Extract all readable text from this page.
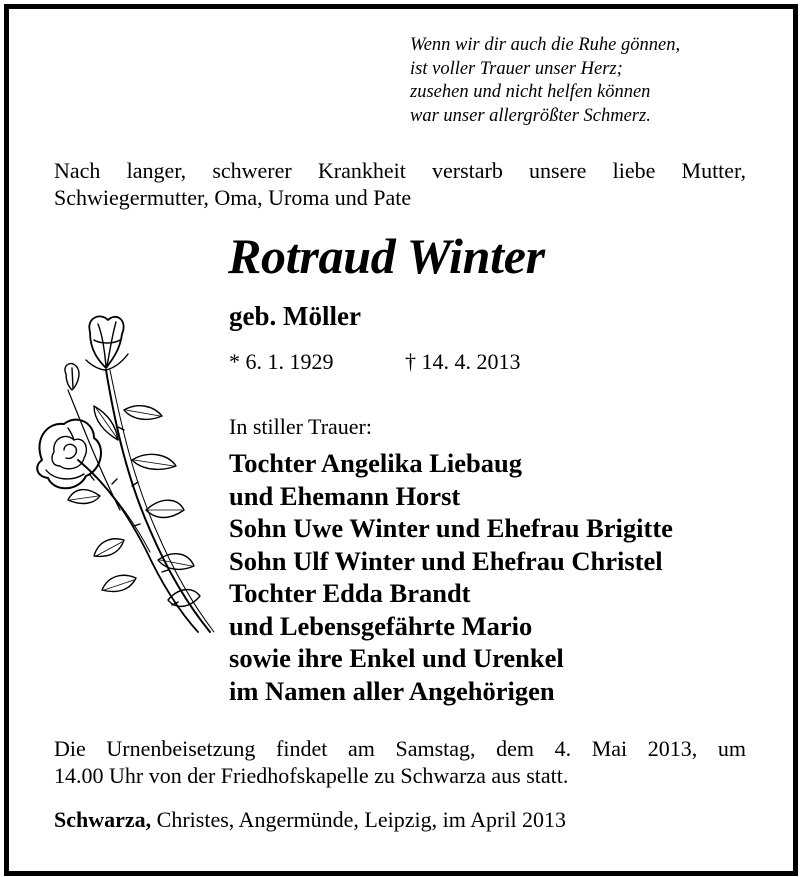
Wenn wir dir auch die Ruhe gönnen,
ist voller Trauer unser Herz;
zusehen und nicht helfen können
war unser allergrößter Schmerz.
Nach langer, schwerer Krankheit verstarb unsere liebe Mutter,
Schwiegermutter, Oma, Uroma und Pate
Rotraud Winter
geb. Möller
* 6. 1. 1929	† 14. 4. 2013
In stiller Trauer:
Tochter Angelika Liebaug
und Ehemann Horst
Sohn Uwe Winter und Ehefrau Brigitte
Sohn Ulf Winter und Ehefrau Christel
Tochter Edda Brandt
und Lebensgefährte Mario
sowie ihre Enkel und Urenkel
im Namen aller Angehörigen
Die Urnenbeisetzung findet am Samstag, dem 4. Mai 2013, um
14.00 Uhr von der Friedhofskapelle zu Schwarza aus statt.
Schwarza, Christes, Angermünde, Leipzig, im April 2013
